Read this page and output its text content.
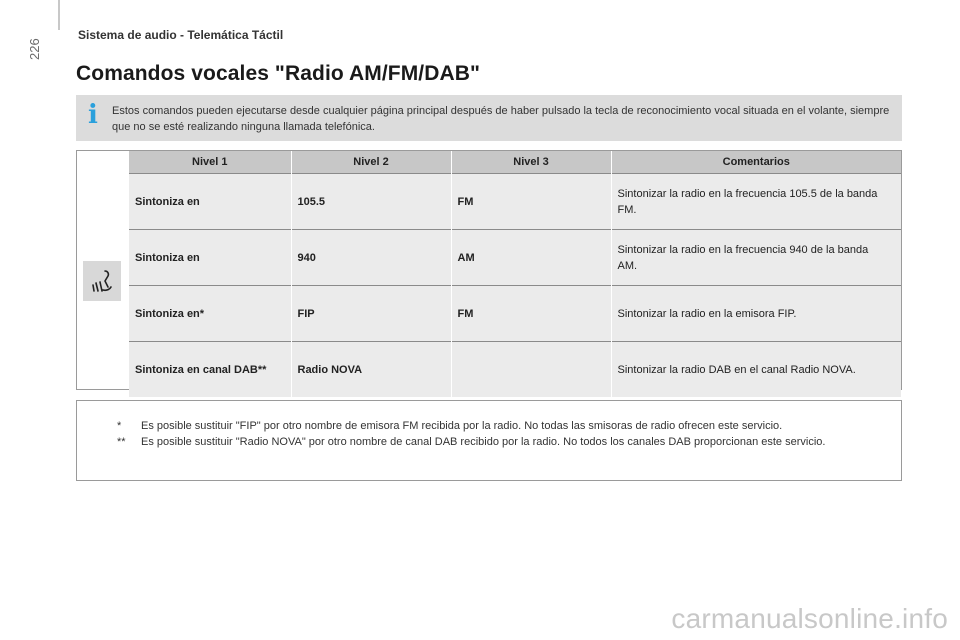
226
Sistema de audio - Telemática Táctil
Comandos vocales "Radio AM/FM/DAB"
i Estos comandos pueden ejecutarse desde cualquier página principal después de haber pulsado la tecla de reconocimiento vocal situada en el volante, siempre que no se esté realizando ninguna llamada telefónica.
Nivel 1	Nivel 2	Nivel 3	Comentarios
Sintoniza en	105.5	FM	Sintonizar la radio en la frecuencia 105.5 de la banda FM.
Sintoniza en	940	AM	Sintonizar la radio en la frecuencia 940 de la banda AM.
Sintoniza en*	FIP	FM	Sintonizar la radio en la emisora FIP.
Sintoniza en canal DAB**	Radio NOVA		Sintonizar la radio DAB en el canal Radio NOVA.
* Es posible sustituir "FIP" por otro nombre de emisora FM recibida por la radio. No todas las smisoras de radio ofrecen este servicio.
** Es posible sustituir "Radio NOVA" por otro nombre de canal DAB recibido por la radio. No todos los canales DAB proporcionan este servicio.
carmanualsonline.info
